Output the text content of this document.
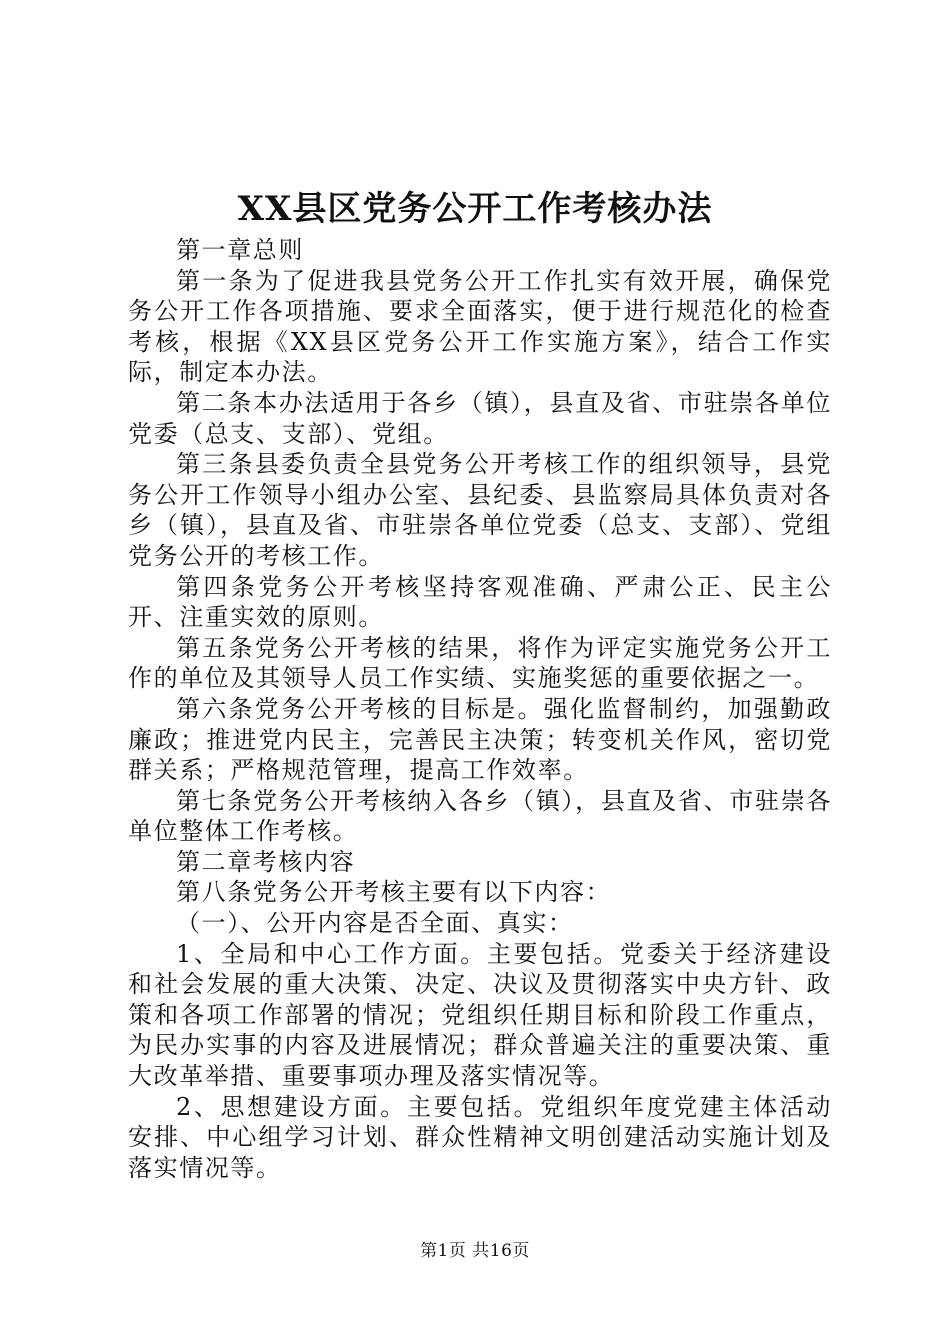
XX县区党务公开工作考核办法

第一章总则

第一条为了促进我县党务公开工作扎实有效开展，确保党务公开工作各项措施、要求全面落实，便于进行规范化的检查考核，根据《XX县区党务公开工作实施方案》，结合工作实际，制定本办法。

第二条本办法适用于各乡（镇），县直及省、市驻崇各单位党委（总支、支部）、党组。

第三条县委负责全县党务公开考核工作的组织领导，县党务公开工作领导小组办公室、县纪委、县监察局具体负责对各乡（镇），县直及省、市驻崇各单位党委（总支、支部）、党组党务公开的考核工作。

第四条党务公开考核坚持客观准确、严肃公正、民主公开、注重实效的原则。

第五条党务公开考核的结果，将作为评定实施党务公开工作的单位及其领导人员工作实绩、实施奖惩的重要依据之一。

第六条党务公开考核的目标是。强化监督制约，加强勤政廉政；推进党内民主，完善民主决策；转变机关作风，密切党群关系；严格规范管理，提高工作效率。

第七条党务公开考核纳入各乡（镇），县直及省、市驻崇各单位整体工作考核。

第二章考核内容

第八条党务公开考核主要有以下内容：

（一）、公开内容是否全面、真实：

1、全局和中心工作方面。主要包括。党委关于经济建设和社会发展的重大决策、决定、决议及贯彻落实中央方针、政策和各项工作部署的情况；党组织任期目标和阶段工作重点，为民办实事的内容及进展情况；群众普遍关注的重要决策、重大改革举措、重要事项办理及落实情况等。

2、思想建设方面。主要包括。党组织年度党建主体活动安排、中心组学习计划、群众性精神文明创建活动实施计划及落实情况等。

第1页 共16页
